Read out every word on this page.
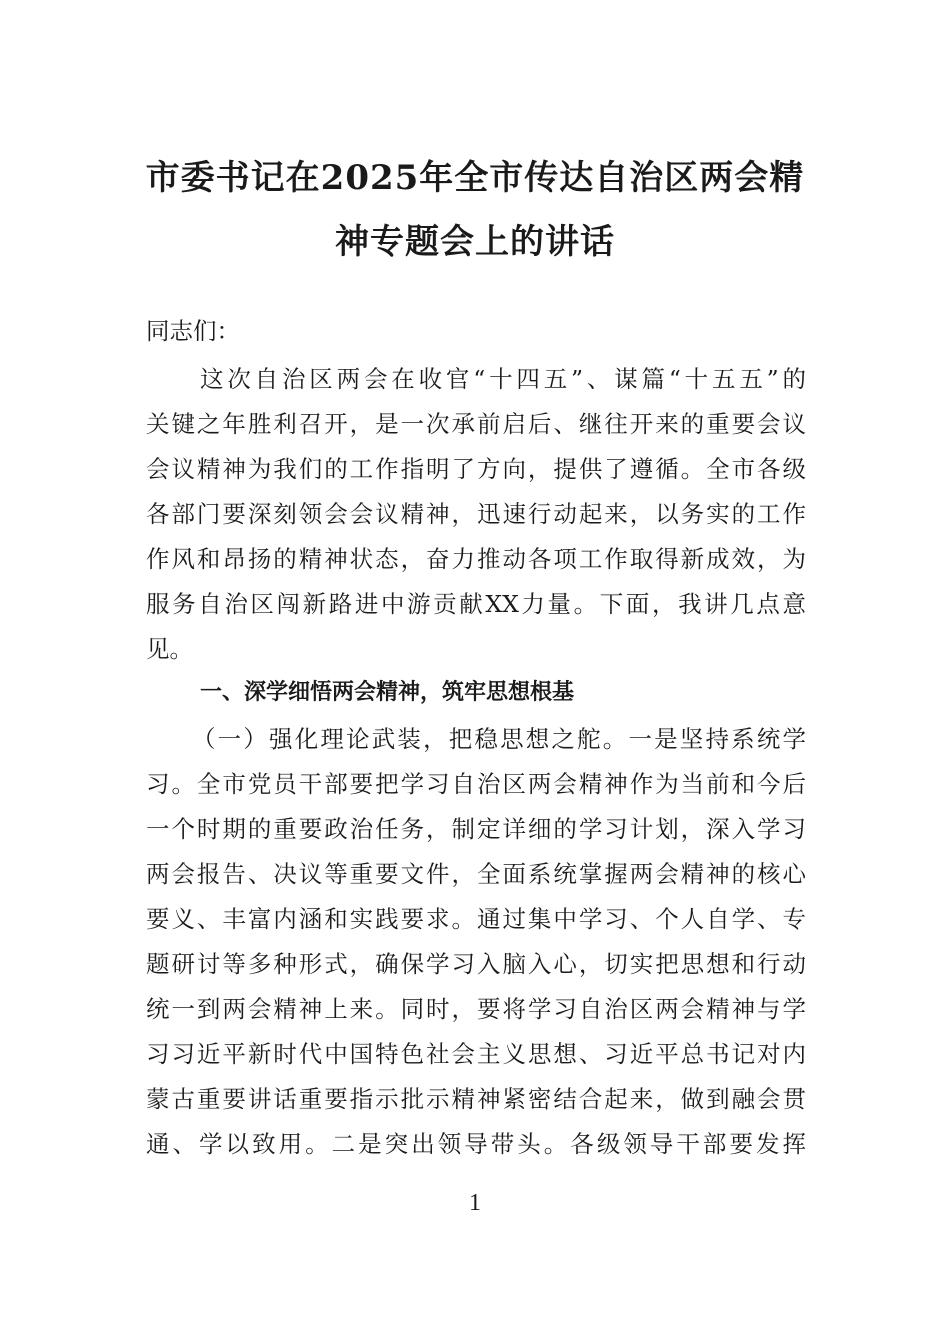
市委书记在2025年全市传达自治区两会精
神专题会上的讲话
同志们：
这次自治区两会在收官“十四五”、谋篇“十五五”的
关键之年胜利召开，是一次承前启后、继往开来的重要会议
会议精神为我们的工作指明了方向，提供了遵循。全市各级
各部门要深刻领会会议精神，迅速行动起来，以务实的工作
作风和昂扬的精神状态，奋力推动各项工作取得新成效，为
服务自治区闯新路进中游贡献XX力量。下面，我讲几点意
见。
一、深学细悟两会精神，筑牢思想根基
（一）强化理论武装，把稳思想之舵。一是坚持系统学
习。全市党员干部要把学习自治区两会精神作为当前和今后
一个时期的重要政治任务，制定详细的学习计划，深入学习
两会报告、决议等重要文件，全面系统掌握两会精神的核心
要义、丰富内涵和实践要求。通过集中学习、个人自学、专
题研讨等多种形式，确保学习入脑入心，切实把思想和行动
统一到两会精神上来。同时，要将学习自治区两会精神与学
习习近平新时代中国特色社会主义思想、习近平总书记对内
蒙古重要讲话重要指示批示精神紧密结合起来，做到融会贯
通、学以致用。二是突出领导带头。各级领导干部要发挥
1
